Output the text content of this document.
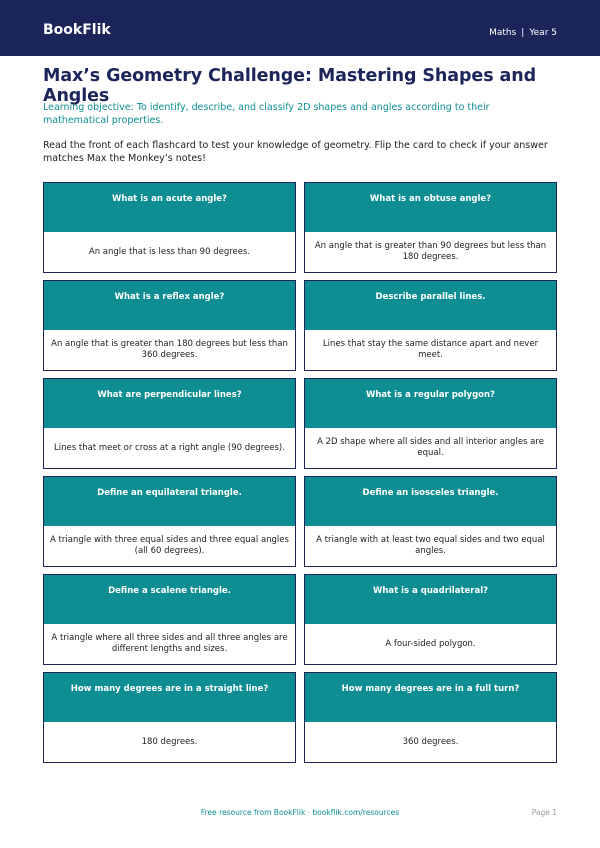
BookFlik	Maths | Year 5
Max’s Geometry Challenge: Mastering Shapes and Angles

Learning objective: To identify, describe, and classify 2D shapes and angles according to their mathematical properties.

Read the front of each flashcard to test your knowledge of geometry. Flip the card to check if your answer matches Max the Monkey’s notes!

What is an acute angle?
An angle that is less than 90 degrees.
What is an obtuse angle?
An angle that is greater than 90 degrees but less than 180 degrees.
What is a reflex angle?
An angle that is greater than 180 degrees but less than 360 degrees.
Describe parallel lines.
Lines that stay the same distance apart and never meet.
What are perpendicular lines?
Lines that meet or cross at a right angle (90 degrees).
What is a regular polygon?
A 2D shape where all sides and all interior angles are equal.
Define an equilateral triangle.
A triangle with three equal sides and three equal angles (all 60 degrees).
Define an isosceles triangle.
A triangle with at least two equal sides and two equal angles.
Define a scalene triangle.
A triangle where all three sides and all three angles are different lengths and sizes.
What is a quadrilateral?
A four-sided polygon.
How many degrees are in a straight line?
180 degrees.
How many degrees are in a full turn?
360 degrees.
Free resource from BookFlik · bookflik.com/resources	Page 1
